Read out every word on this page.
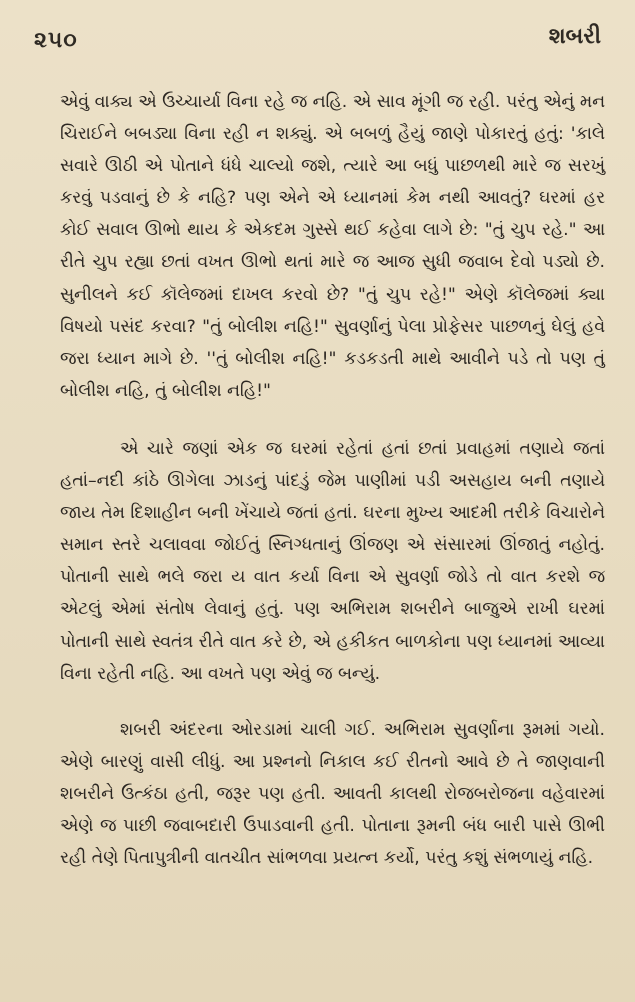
૨૫૦	શબરી

એવું વાક્ય એ ઉચ્ચાર્યા વિના રહે જ નહિ. એ સાવ મૂંગી જ રહી. પરંતુ એનું મન ચિરાઈને બબડ્યા વિના રહી ન શક્યું. એ બબળું હૈયું જાણે પોકારતું હતું: 'કાલે સવારે ઊઠી એ પોતાને ધંધે ચાલ્યો જશે, ત્યારે આ બધું પાછળથી મારે જ સરખું કરવું પડવાનું છે કે નહિ? પણ એને એ ધ્યાનમાં કેમ નથી આવતું? ઘરમાં હર કોઈ સવાલ ઊભો થાય કે એકદમ ગુસ્સે થઈ કહેવા લાગે છે: "તું ચુપ રહે." આ રીતે ચુપ રહ્યા છતાં વખત ઊભો થતાં મારે જ આજ સુધી જવાબ દેવો પડ્યો છે. સુનીલને કઈ કૉલેજમાં દાખલ કરવો છે? "તું ચુપ રહે!" એણે કૉલેજમાં ક્યા વિષયો પસંદ કરવા? "તું બોલીશ નહિ!" સુવર્ણાનું પેલા પ્રોફેસર પાછળનું ઘેલું હવે જરા ધ્યાન માગે છે. ''તું બોલીશ નહિ!" કડકડતી માથે આવીને પડે તો પણ તું બોલીશ નહિ, તું બોલીશ નહિ!"

એ ચારે જણાં એક જ ઘરમાં રહેતાં હતાં છતાં પ્રવાહમાં તણાયે જતાં હતાં–નદી કાંઠે ઊગેલા ઝાડનું પાંદડું જેમ પાણીમાં પડી અસહાય બની તણાયે જાય તેમ દિશાહીન બની ખેંચાયે જતાં હતાં. ઘરના મુખ્ય આદમી તરીકે વિચારોને સમાન સ્તરે ચલાવવા જોઈતું સ્નિગ્ધતાનું ઊંજણ એ સંસારમાં ઊંજાતું નહોતું. પોતાની સાથે ભલે જરા ય વાત કર્યા વિના એ સુવર્ણા જોડે તો વાત કરશે જ એટલું એમાં સંતોષ લેવાનું હતું. પણ અભિરામ શબરીને બાજુએ રાખી ઘરમાં પોતાની સાથે સ્વતંત્ર રીતે વાત કરે છે, એ હકીકત બાળકોના પણ ધ્યાનમાં આવ્યા વિના રહેતી નહિ. આ વખતે પણ એવું જ બન્યું.

શબરી અંદરના ઓરડામાં ચાલી ગઈ. અભિરામ સુવર્ણાના રૂમમાં ગયો. એણે બારણું વાસી લીધું. આ પ્રશ્નનો નિકાલ કઈ રીતનો આવે છે તે જાણવાની શબરીને ઉત્કંઠા હતી, જરૂર પણ હતી. આવતી કાલથી રોજબરોજના વહેવારમાં એણે જ પાછી જવાબદારી ઉપાડવાની હતી. પોતાના રૂમની બંધ બારી પાસે ઊભી રહી તેણે પિતાપુત્રીની વાતચીત સાંભળવા પ્રયત્ન કર્યો, પરંતુ કશું સંભળાયું નહિ.
